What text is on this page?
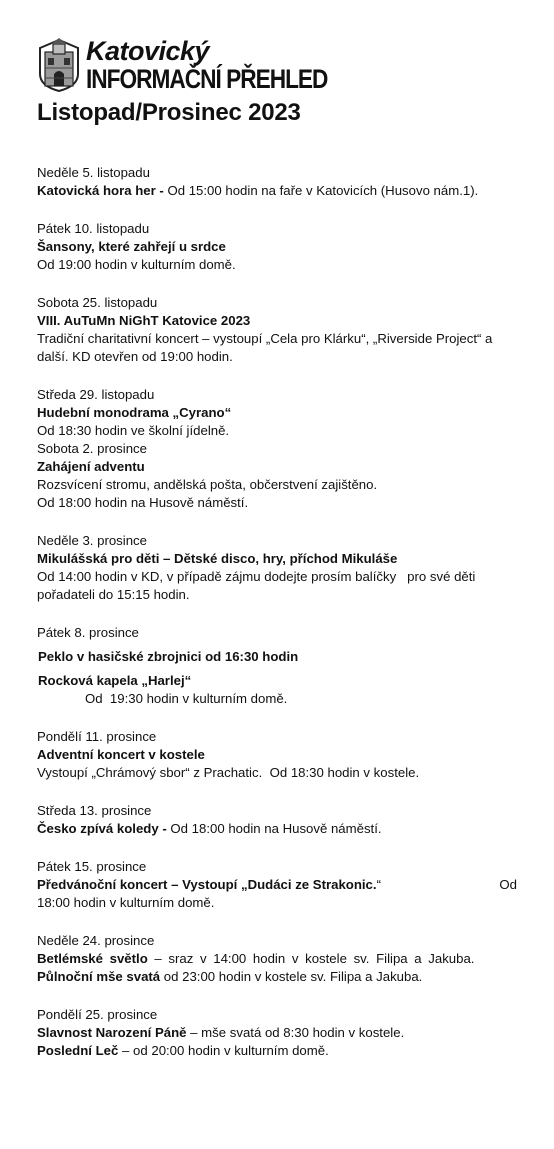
Katovický
INFORMAČNÍ PŘEHLED
Listopad/Prosinec 2023

Neděle 5. listopadu

Katovická hora her - Od 15:00 hodin na faře v Katovicích (Husovo nám.1).

Pátek 10. listopadu

Šansony, které zahřejí u srdce

Od 19:00 hodin v kulturním domě.

Sobota 25. listopadu

VIII. AuTuMn NiGhT Katovice 2023

Tradiční charitativní koncert – vystoupí „Cela pro Klárku“, „Riverside Project“ a další. KD otevřen od 19:00 hodin.

Středa 29. listopadu

Hudební monodrama „Cyrano“

Od 18:30 hodin ve školní jídelně.

Sobota 2. prosince

Zahájení adventu

Rozsvícení stromu, andělská pošta, občerstvení zajištěno.

Od 18:00 hodin na Husově náměstí.

Neděle 3. prosince

Mikulášská pro děti – Dětské disco, hry, příchod Mikuláše

Od 14:00 hodin v KD, v případě zájmu dodejte prosím balíčky   pro své děti pořadateli do 15:15 hodin.

Pátek 8. prosince

Peklo v hasičské zbrojnici od 16:30 hodin

Rocková kapela „Harlej“

Od  19:30 hodin v kulturním domě.

Pondělí 11. prosince

Adventní koncert v kostele

Vystoupí „Chrámový sbor“ z Prachatic.  Od 18:30 hodin v kostele.

Středa 13. prosince

Česko zpívá koledy - Od 18:00 hodin na Husově náměstí.

Pátek 15. prosince

Předvánoční koncert – Vystoupí „Dudáci ze Strakonic.“	Od

18:00 hodin v kulturním domě.

Neděle 24. prosince

Betlémské světlo – sraz v 14:00 hodin v kostele sv. Filipa a Jakuba.

Půlnoční mše svatá od 23:00 hodin v kostele sv. Filipa a Jakuba.

Pondělí 25. prosince

Slavnost Narození Páně – mše svatá od 8:30 hodin v kostele.

Poslední Leč – od 20:00 hodin v kulturním domě.
